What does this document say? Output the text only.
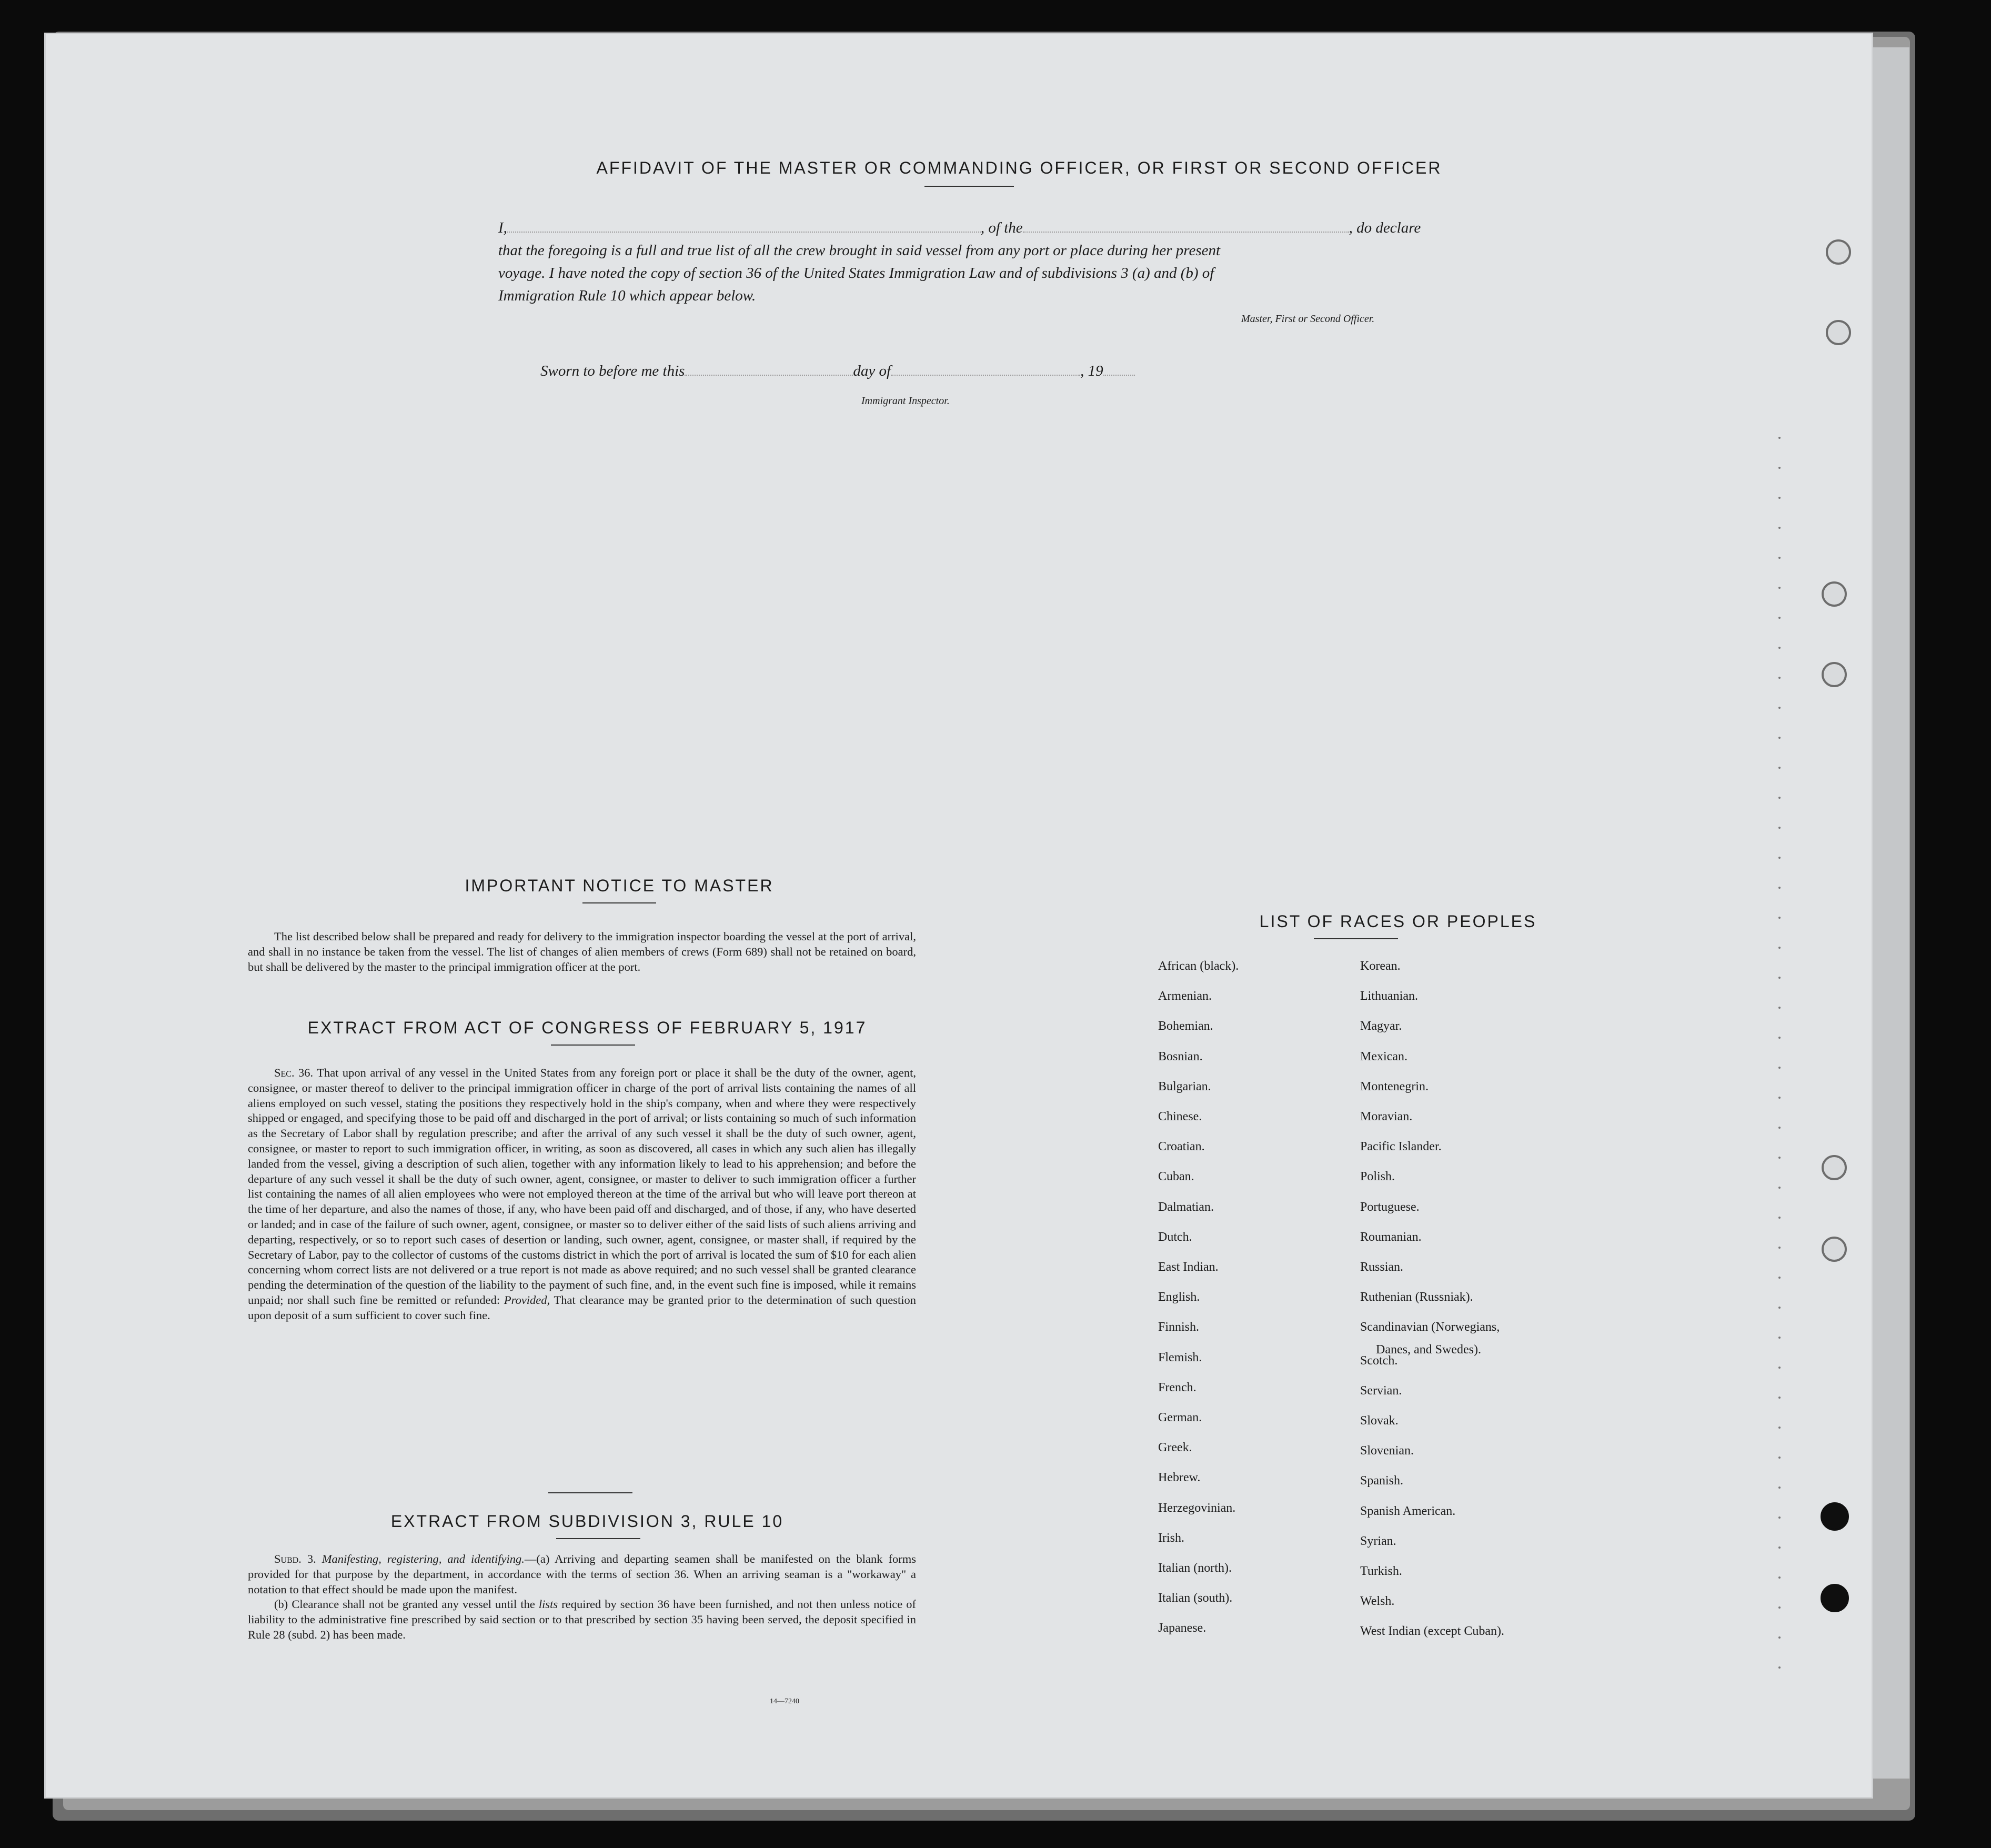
AFFIDAVIT OF THE MASTER OR COMMANDING OFFICER, OR FIRST OR SECOND OFFICER
I,	, of the	, do declare
that the foregoing is a full and true list of all the crew brought in said vessel from any port or place during her present
voyage. I have noted the copy of section 36 of the United States Immigration Law and of subdivisions 3 (a) and (b) of
Immigration Rule 10 which appear below.
Master, First or Second Officer.
Sworn to before me this	day of	, 19
Immigrant Inspector.
IMPORTANT NOTICE TO MASTER

The list described below shall be prepared and ready for delivery to the immigration inspector boarding the vessel at the port of arrival, and shall in no instance be taken from the vessel. The list of changes of alien members of crews (Form 689) shall not be retained on board, but shall be delivered by the master to the principal immigration officer at the port.

EXTRACT FROM ACT OF CONGRESS OF FEBRUARY 5, 1917

Sec. 36. That upon arrival of any vessel in the United States from any foreign port or place it shall be the duty of the owner, agent, consignee, or master thereof to deliver to the principal immigration officer in charge of the port of arrival lists containing the names of all aliens employed on such vessel, stating the positions they respectively hold in the ship's company, when and where they were respectively shipped or engaged, and specifying those to be paid off and discharged in the port of arrival; or lists containing so much of such information as the Secretary of Labor shall by regulation prescribe; and after the arrival of any such vessel it shall be the duty of such owner, agent, consignee, or master to report to such immigration officer, in writing, as soon as discovered, all cases in which any such alien has illegally landed from the vessel, giving a description of such alien, together with any information likely to lead to his apprehension; and before the departure of any such vessel it shall be the duty of such owner, agent, consignee, or master to deliver to such immigration officer a further list containing the names of all alien employees who were not employed thereon at the time of the arrival but who will leave port thereon at the time of her departure, and also the names of those, if any, who have been paid off and discharged, and of those, if any, who have deserted or landed; and in case of the failure of such owner, agent, consignee, or master so to deliver either of the said lists of such aliens arriving and departing, respectively, or so to report such cases of desertion or landing, such owner, agent, consignee, or master shall, if required by the Secretary of Labor, pay to the collector of customs of the customs district in which the port of arrival is located the sum of $10 for each alien concerning whom correct lists are not delivered or a true report is not made as above required; and no such vessel shall be granted clearance pending the determination of the question of the liability to the payment of such fine, and, in the event such fine is imposed, while it remains unpaid; nor shall such fine be remitted or refunded: Provided, That clearance may be granted prior to the determination of such question upon deposit of a sum sufficient to cover such fine.

EXTRACT FROM SUBDIVISION 3, RULE 10

Subd. 3. Manifesting, registering, and identifying.—(a) Arriving and departing seamen shall be manifested on the blank forms provided for that purpose by the department, in accordance with the terms of section 36. When an arriving seaman is a "workaway" a notation to that effect should be made upon the manifest.

(b) Clearance shall not be granted any vessel until the lists required by section 36 have been furnished, and not then unless notice of liability to the administrative fine prescribed by said section or to that prescribed by section 35 having been served, the deposit specified in Rule 28 (subd. 2) has been made.

14—7240
LIST OF RACES OR PEOPLES
African (black).
Armenian.
Bohemian.
Bosnian.
Bulgarian.
Chinese.
Croatian.
Cuban.
Dalmatian.
Dutch.
East Indian.
English.
Finnish.
Flemish.
French.
German.
Greek.
Hebrew.
Herzegovinian.
Irish.
Italian (north).
Italian (south).
Japanese.
Korean.
Lithuanian.
Magyar.
Mexican.
Montenegrin.
Moravian.
Pacific Islander.
Polish.
Portuguese.
Roumanian.
Russian.
Ruthenian (Russniak).
Scandinavian (Norwegians,
Scotch.
Servian.
Slovak.
Slovenian.
Spanish.
Spanish American.
Syrian.
Turkish.
Welsh.
West Indian (except Cuban).
Danes, and Swedes).
